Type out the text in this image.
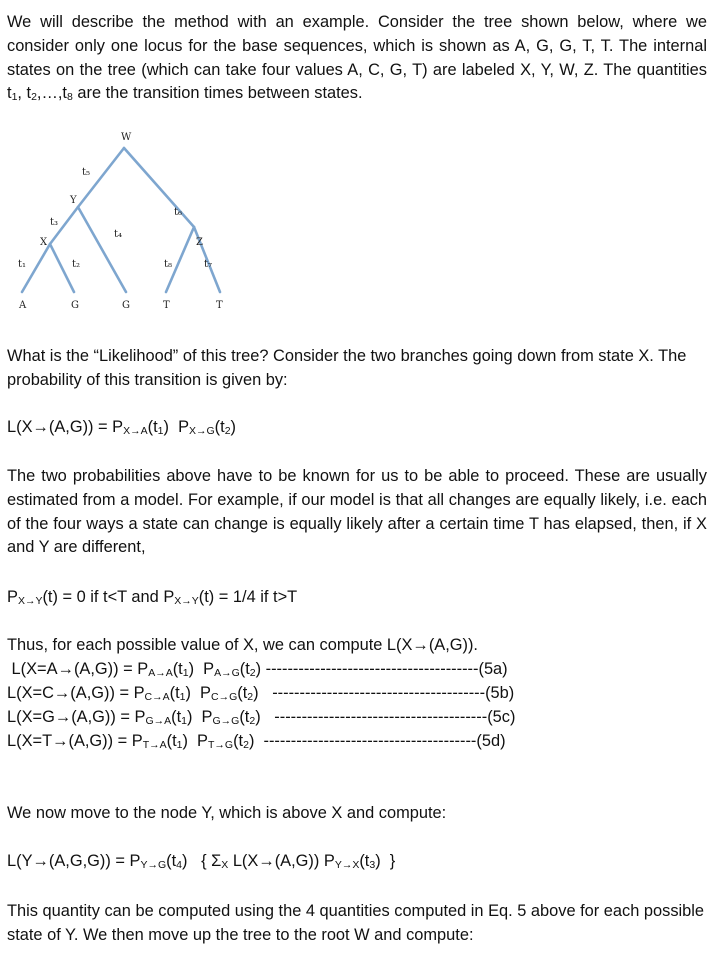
We will describe the method with an example. Consider the tree shown below, where we consider only one locus for the base sequences, which is shown as A, G, G, T, T. The internal states on the tree (which can take four values A, C, G, T) are labeled X, Y, W, Z. The quantities t1, t2,…,t8 are the transition times between states.

W
Y
X	Z
t₅
t₆
t₃
t₄
t₁	t₂	t₈	t₇
A	G	G	T	T

What is the “Likelihood” of this tree? Consider the two branches going down from state X. The probability of this transition is given by:

L(X→(A,G)) = PX→A(t1)  PX→G(t2)

The two probabilities above have to be known for us to be able to proceed. These are usually estimated from a model. For example, if our model is that all changes are equally likely, i.e. each of the four ways a state can change is equally likely after a certain time T has elapsed, then, if X and Y are different,

PX→Y(t) = 0 if t<T and PX→Y(t) = 1/4 if t>T
Thus, for each possible value of X, we can compute L(X→(A,G)).
L(X=A→(A,G)) = PA→A(t1)  PA→G(t2) ---------------------------------------(5a)
L(X=C→(A,G)) = PC→A(t1)  PC→G(t2)   ---------------------------------------(5b)
L(X=G→(A,G)) = PG→A(t1)  PG→G(t2)   ---------------------------------------(5c)
L(X=T→(A,G)) = PT→A(t1)  PT→G(t2)  ---------------------------------------(5d)
We now move to the node Y, which is above X and compute:
L(Y→(A,G,G)) = PY→G(t4)   { ΣX L(X→(A,G)) PY→X(t3)  }

This quantity can be computed using the 4 quantities computed in Eq. 5 above for each possible state of Y. We then move up the tree to the root W and compute:
